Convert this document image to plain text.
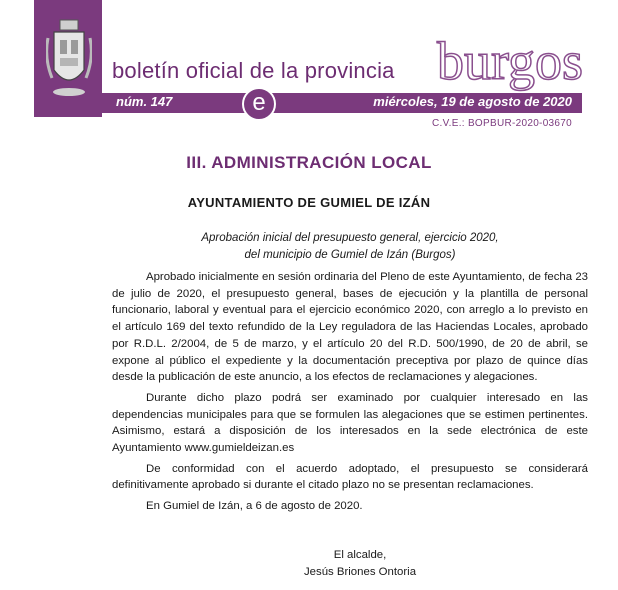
boletín oficial de la provincia burgos
núm. 147	e	miércoles, 19 de agosto de 2020
C.V.E.: BOPBUR-2020-03670
III. ADMINISTRACIÓN LOCAL
AYUNTAMIENTO DE GUMIEL DE IZÁN
Aprobación inicial del presupuesto general, ejercicio 2020,
del municipio de Gumiel de Izán (Burgos)

Aprobado inicialmente en sesión ordinaria del Pleno de este Ayuntamiento, de fecha 23 de julio de 2020, el presupuesto general, bases de ejecución y la plantilla de personal funcionario, laboral y eventual para el ejercicio económico 2020, con arreglo a lo previsto en el artículo 169 del texto refundido de la Ley reguladora de las Haciendas Locales, aprobado por R.D.L. 2/2004, de 5 de marzo, y el artículo 20 del R.D. 500/1990, de 20 de abril, se expone al público el expediente y la documentación preceptiva por plazo de quince días desde la publicación de este anuncio, a los efectos de reclamaciones y alegaciones.

Durante dicho plazo podrá ser examinado por cualquier interesado en las dependencias municipales para que se formulen las alegaciones que se estimen pertinentes. Asimismo, estará a disposición de los interesados en la sede electrónica de este Ayuntamiento www.gumieldeizan.es

De conformidad con el acuerdo adoptado, el presupuesto se considerará definitivamente aprobado si durante el citado plazo no se presentan reclamaciones.

En Gumiel de Izán, a 6 de agosto de 2020.

El alcalde,
Jesús Briones Ontoria
